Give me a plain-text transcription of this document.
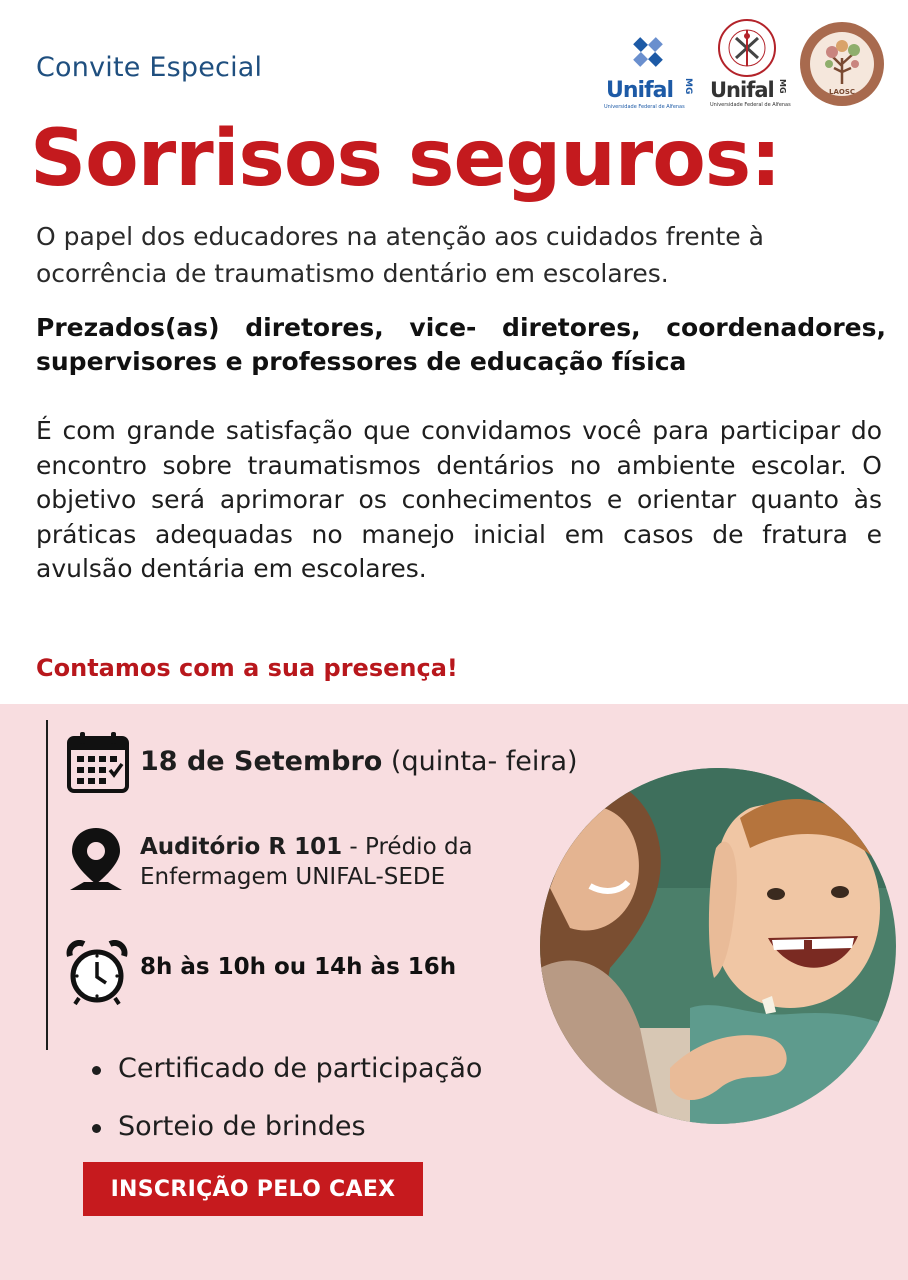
Convite Especial
Unifal MG
Universidade Federal de Alfenas
Unifal MG
Universidade Federal de Alfenas
LAOSC
Sorrisos seguros:

O papel dos educadores na atenção aos cuidados frente à ocorrência de traumatismo dentário em escolares.

Prezados(as) diretores, vice- diretores, coordenadores, supervisores e professores de educação física

É com grande satisfação que convidamos você para participar do encontro sobre traumatismos dentários no ambiente escolar. O objetivo será aprimorar os conhecimentos e orientar quanto às práticas adequadas no manejo inicial em casos de fratura e avulsão dentária em escolares.

Contamos com a sua presença!

18 de Setembro (quinta- feira)
Auditório R 101 - Prédio da Enfermagem UNIFAL-SEDE
8h às 10h ou 14h às 16h
Certificado de participação
Sorteio de brindes
INSCRIÇÃO PELO CAEX
